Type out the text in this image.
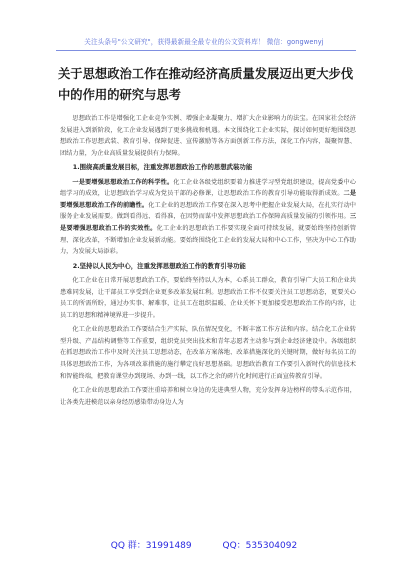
关注头条号"公文研究"，获得最新最全最专业的公文资料库！ 微信：gongwenyj
关于思想政治工作在推动经济高质量发展迈出更大步伐中的作用的研究与思考

思想政治工作是增强化工企业竞争实例、增强企业凝聚力、增扩大企业影响力的法宝。在国家社会经济发展进入到新阶段，化工企业发展遇到了更多挑战和机遇。本文围绕化工企业实际，探讨如何更好地围绕思想政治工作思想武装、教育引导、保障促进、宣传激励等各方面创新工作方法，深化工作内容，凝聚智慧、团结力量，为企业高质量发展提供有力保障。

1.围绕高质量发展目标，注重发挥思想政治工作的思想武装功能

一是要增强思想政治工作的科学性。化工企业各级党组织要着力推进学习型党组织建设，提高党委中心组学习的成效，让思想政治学习成为党员干部的必修课，让思想政治工作的教育引导功能取得新成效。二是要增强思想政治工作的前瞻性。化工企业的思想政治工作要在深入思考中把握企业发展大局，在扎实行动中服务企业发展需要。做到看得远、看得准，在因势而谋中发挥思想政治工作保障高质量发展的引领作用。三是要增强思想政治工作的实效性。化工企业的思想政治工作要实现全面可持续发展，就要始终坚持创新管理、深化改革，不断增加企业发展新动能。要始终围绕化工企业的发展大局和中心工作，坚决为中心工作助力，为发展大局添彩。

2.坚持以人民为中心，注重发挥思想政治工作的教育引导功能

化工企业在日常开展思想政治工作，要始终坚持以人为本，心系员工群众，教育引导广大员工和企业共患难同发展，让干部员工享受到企业更多改革发展红利。思想政治工作不仅要关注员工思想动态，更要关心员工的所需所盼，通过办实事、解难事，让员工在组织温暖、企业关怀下更加接受思想政治工作的内容，让员工的思想和精神境界进一步提升。

化工企业的思想政治工作要结合生产实际，队伍情况变化，不断丰富工作方法和内容。结合化工企业转型升级、产品结构调整等工作重要，组织党员突出技术和青年志愿者主动参与到企业经济建设中。各级组织在抓思想政治工作中及时关注员工思想动态，在改革方案落地、改革措施深化的关键时期，做好每名员工的具体思想政治工作，为各项改革措施的施行攀定良好思想基础。思想政治教育工作要引入新时代的信息技术和智能终端，把教育课堂办到现场、办到一线，以工作之余的碎片化时间进行正面宣传教育引导。

化工企业的思想政治工作要注重培养和树立身边的先进典型人物，充分发挥身边榜样的带头示范作用，让各类先进模范以亲身经历感染带动身边人为

QQ 群：31991489	QQ：535304092
